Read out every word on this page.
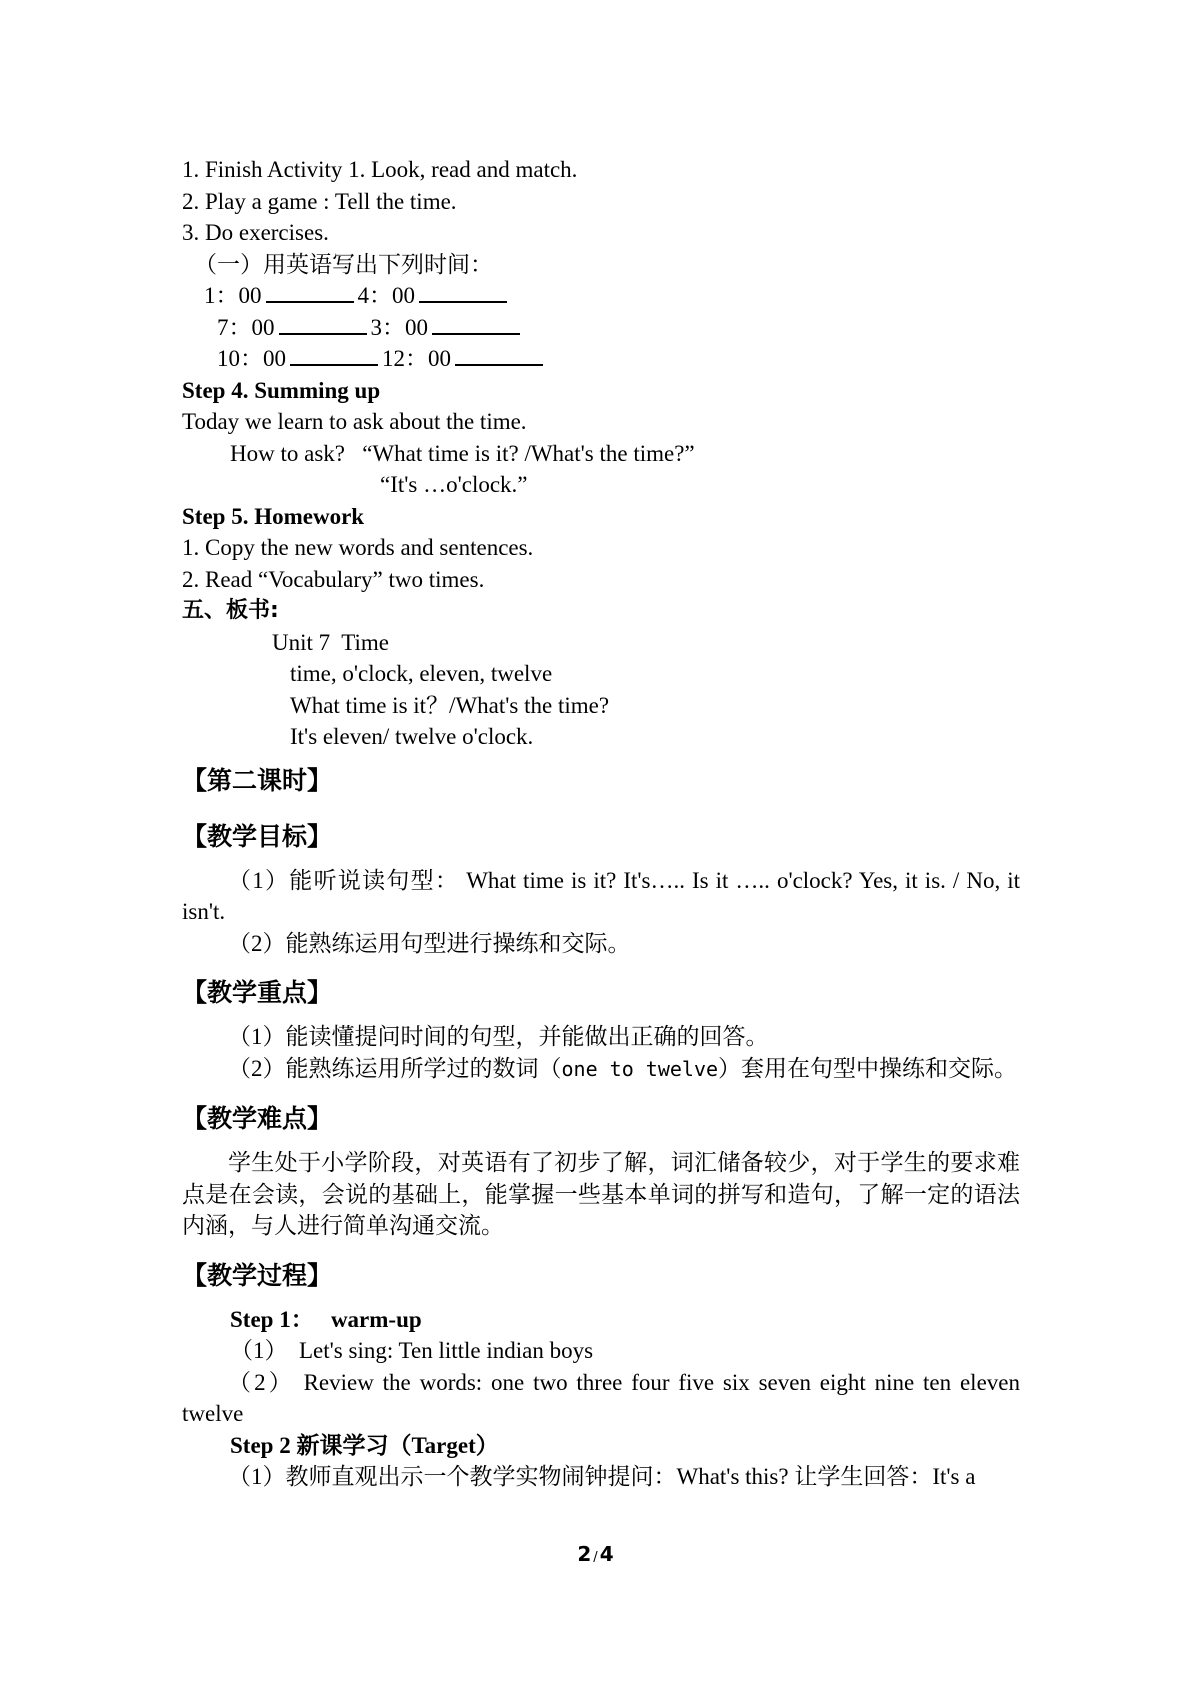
1. Finish Activity 1. Look, read and match.
2. Play a game : Tell the time.
3. Do exercises.
（一）用英语写出下列时间：
1：00	4：00
7：00	3：00
10：00	12：00
Step 4. Summing up
Today we learn to ask about the time.
How to ask?   “What time is it? /What's the time?”
“It's …o'clock.”
Step 5. Homework
1. Copy the new words and sentences.
2. Read “Vocabulary” two times.
五、板书:
Unit 7  Time
time, o'clock, eleven, twelve
What time is it？/What's the time?
It's eleven/ twelve o'clock.
【第二课时】
【教学目标】
（1）能听说读句型： What time is it? It's….. Is it ….. o'clock? Yes, it is. / No, it isn't.
（2）能熟练运用句型进行操练和交际。
【教学重点】
（1）能读懂提问时间的句型，并能做出正确的回答。
（2）能熟练运用所学过的数词（one to twelve）套用在句型中操练和交际。
【教学难点】
学生处于小学阶段，对英语有了初步了解，词汇储备较少，对于学生的要求难点是在会读，会说的基础上，能掌握一些基本单词的拼写和造句，了解一定的语法内涵，与人进行简单沟通交流。
【教学过程】
Step 1：   warm-up
（1）  Let's sing: Ten little indian boys
（2） Review the words: one two three four five six seven eight nine ten eleven twelve
Step 2 新课学习（Target）
（1）教师直观出示一个教学实物闹钟提问：What's this? 让学生回答：It's a
2 / 4
